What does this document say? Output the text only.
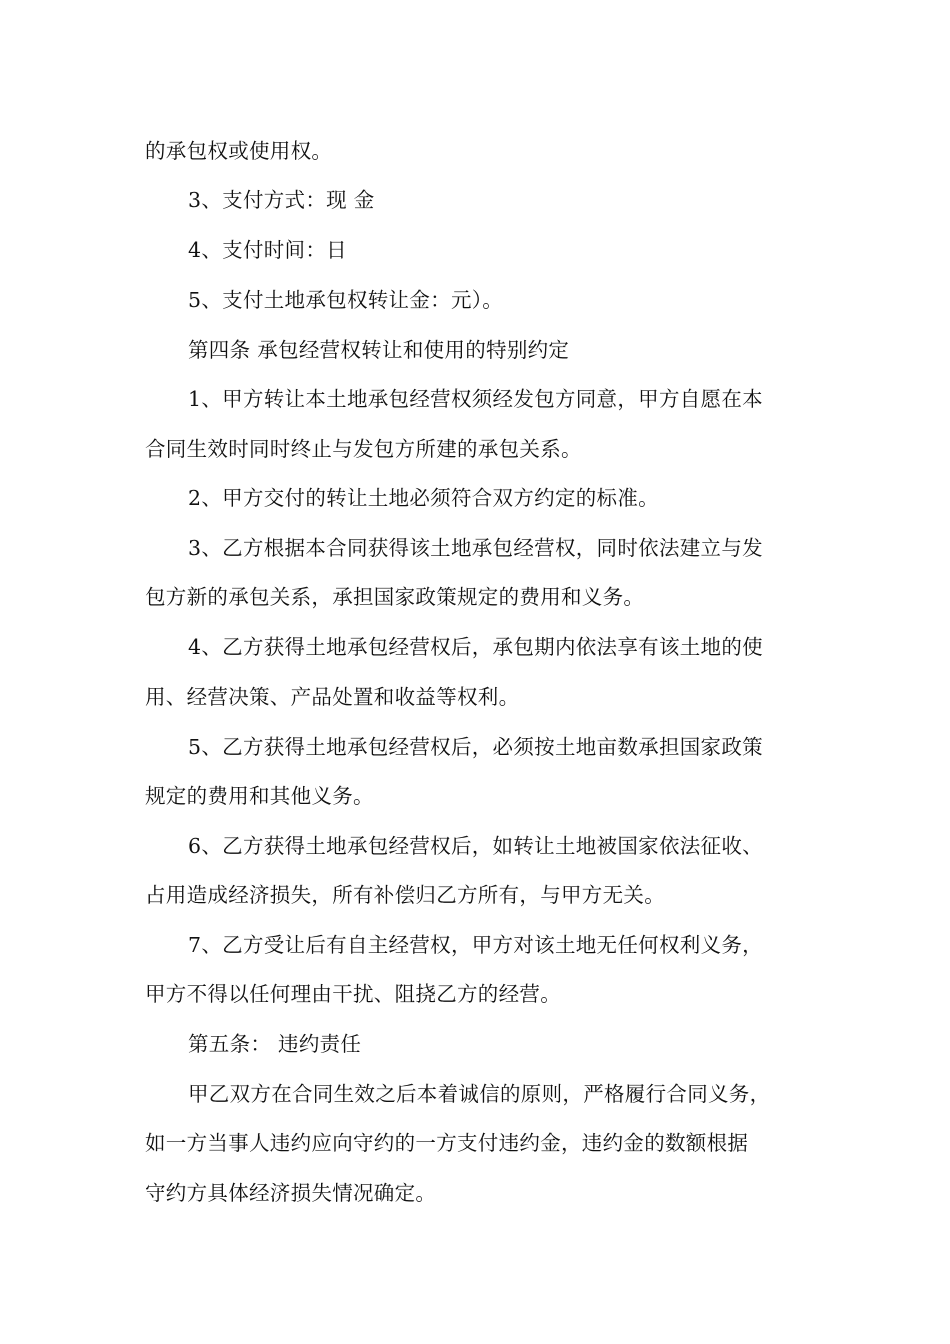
的承包权或使用权。
3、支付方式：现 金
4、支付时间：日
5、支付土地承包权转让金：元）。
第四条 承包经营权转让和使用的特别约定
1、甲方转让本土地承包经营权须经发包方同意，甲方自愿在本
合同生效时同时终止与发包方所建的承包关系。
2、甲方交付的转让土地必须符合双方约定的标准。
3、乙方根据本合同获得该土地承包经营权，同时依法建立与发
包方新的承包关系，承担国家政策规定的费用和义务。
4、乙方获得土地承包经营权后，承包期内依法享有该土地的使
用、经营决策、产品处置和收益等权利。
5、乙方获得土地承包经营权后，必须按土地亩数承担国家政策
规定的费用和其他义务。
6、乙方获得土地承包经营权后，如转让土地被国家依法征收、
占用造成经济损失，所有补偿归乙方所有，与甲方无关。
7、乙方受让后有自主经营权，甲方对该土地无任何权利义务，
甲方不得以任何理由干扰、阻挠乙方的经营。
第五条： 违约责任
甲乙双方在合同生效之后本着诚信的原则，严格履行合同义务，
如一方当事人违约应向守约的一方支付违约金，违约金的数额根据
守约方具体经济损失情况确定。
